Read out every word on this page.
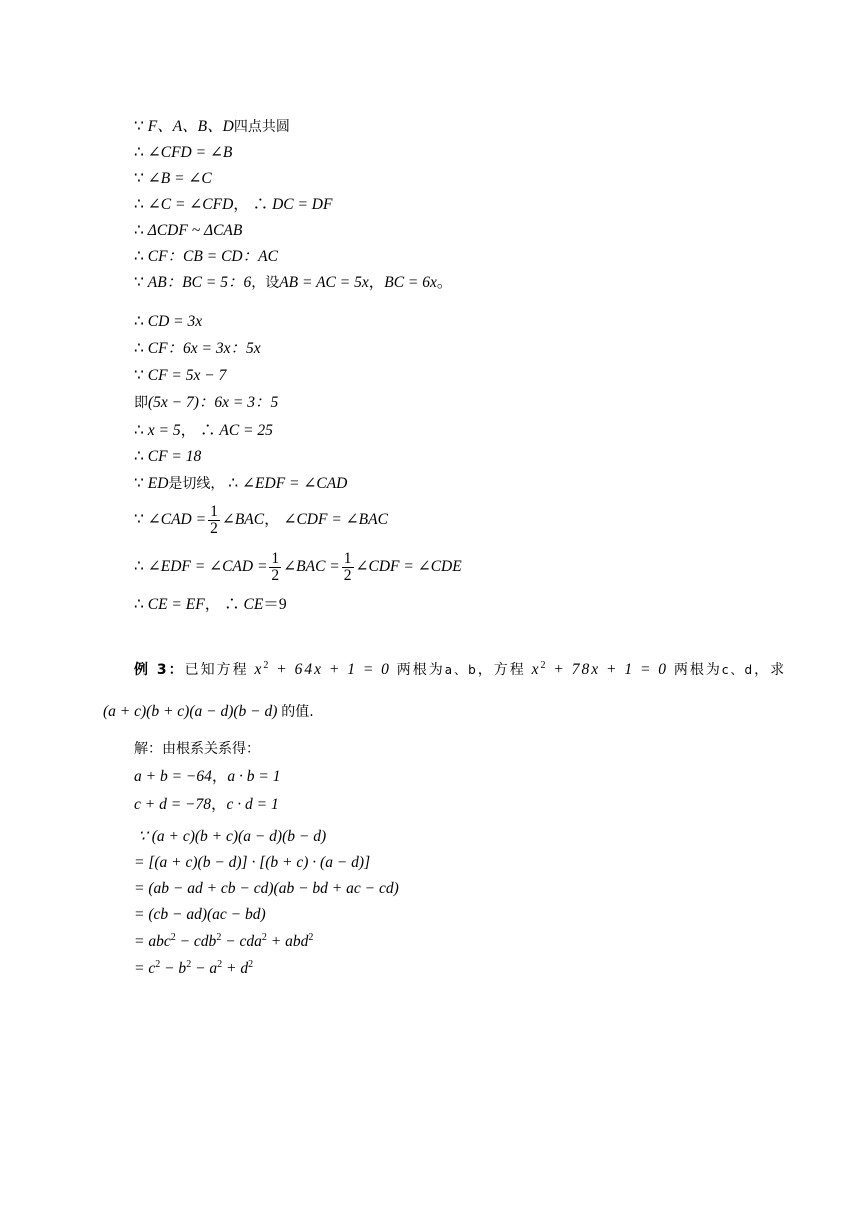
∵ F、A、B、D四点共圆
∴ ∠CFD = ∠B
∵ ∠B = ∠C
∴ ∠C = ∠CFD， ∴ DC = DF
∴ ΔCDF ~ ΔCAB
∴ CF：CB = CD：AC
∵ AB：BC = 5：6，设AB = AC = 5x，BC = 6x。
∴ CD = 3x
∴ CF：6x = 3x：5x
∵ CF = 5x − 7
即(5x − 7)：6x = 3：5
∴ x = 5， ∴ AC = 25
∴ CF = 18
∵ ED是切线， ∴ ∠EDF = ∠CAD
∵ ∠CAD = $\frac{1}{2}$ ∠BAC， ∠CDF = ∠BAC
∴ ∠EDF = ∠CAD = $\frac{1}{2}$ ∠BAC = $\frac{1}{2}$ ∠CDF = ∠CDE
∴ CE = EF， ∴ CE＝9
例 3：已知方程 $x^2 + 64x + 1 = 0$ 两根为a、b，方程 $x^2 + 78x + 1 = 0$ 两根为c、d，求
(a + c)(b + c)(a − d)(b − d) 的值.
解：由根系关系得：
a + b = −64，a · b = 1
c + d = −78，c · d = 1
∵ (a + c)(b + c)(a − d)(b − d)
= [(a + c)(b − d)] · [(b + c) · (a − d)]
= (ab − ad + cb − cd)(ab − bd + ac − cd)
= (cb − ad)(ac − bd)
= abc$^2$ − cdb$^2$ − cda$^2$ + abd$^2$
= $c^2 - b^2 - a^2 + d^2$
